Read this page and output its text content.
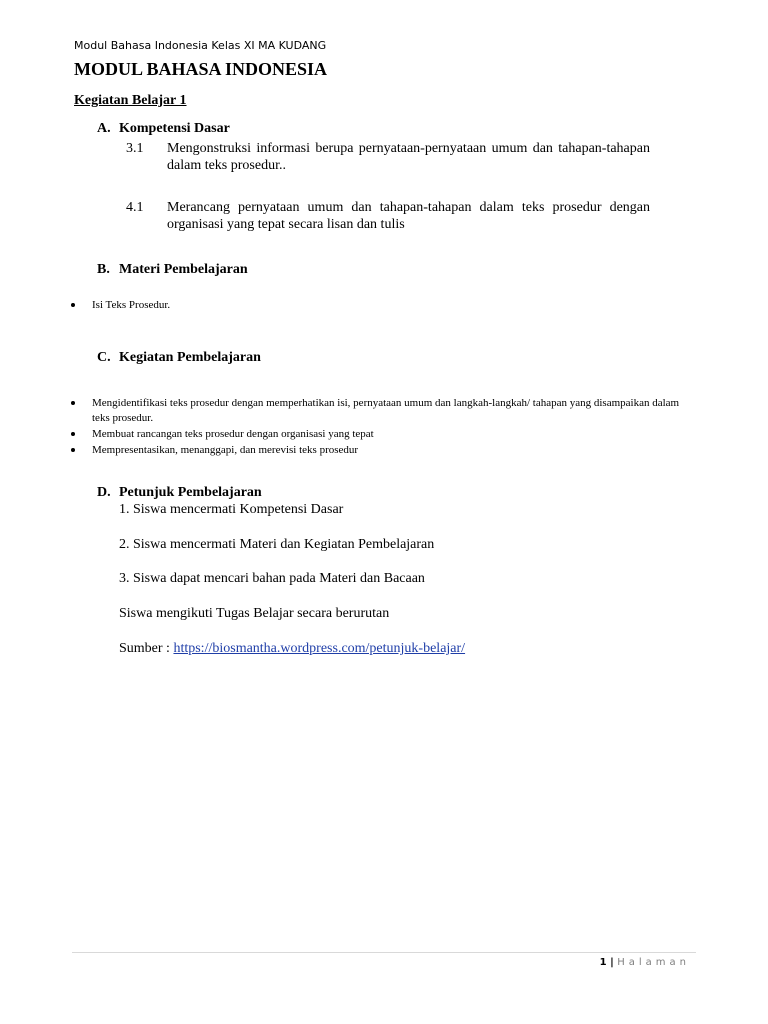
Modul Bahasa Indonesia Kelas XI MA KUDANG
MODUL BAHASA INDONESIA
Kegiatan Belajar 1
A. Kompetensi Dasar
3.1 Mengonstruksi informasi berupa pernyataan-pernyataan umum dan tahapan-tahapan dalam teks prosedur..
4.1 Merancang pernyataan umum dan tahapan-tahapan dalam teks prosedur dengan organisasi yang tepat secara lisan dan tulis
B. Materi Pembelajaran
Isi Teks Prosedur.
C. Kegiatan Pembelajaran
Mengidentifikasi teks prosedur dengan memperhatikan isi, pernyataan umum dan langkah-langkah/ tahapan yang disampaikan dalam teks prosedur.
Membuat rancangan teks prosedur dengan organisasi yang tepat
Mempresentasikan, menanggapi, dan merevisi teks prosedur
D. Petunjuk Pembelajaran
1. Siswa mencermati Kompetensi Dasar
2. Siswa mencermati Materi dan Kegiatan Pembelajaran
3. Siswa dapat mencari bahan pada Materi dan Bacaan
Siswa mengikuti Tugas Belajar secara berurutan
Sumber : https://biosmantha.wordpress.com/petunjuk-belajar/
1 | Halaman
